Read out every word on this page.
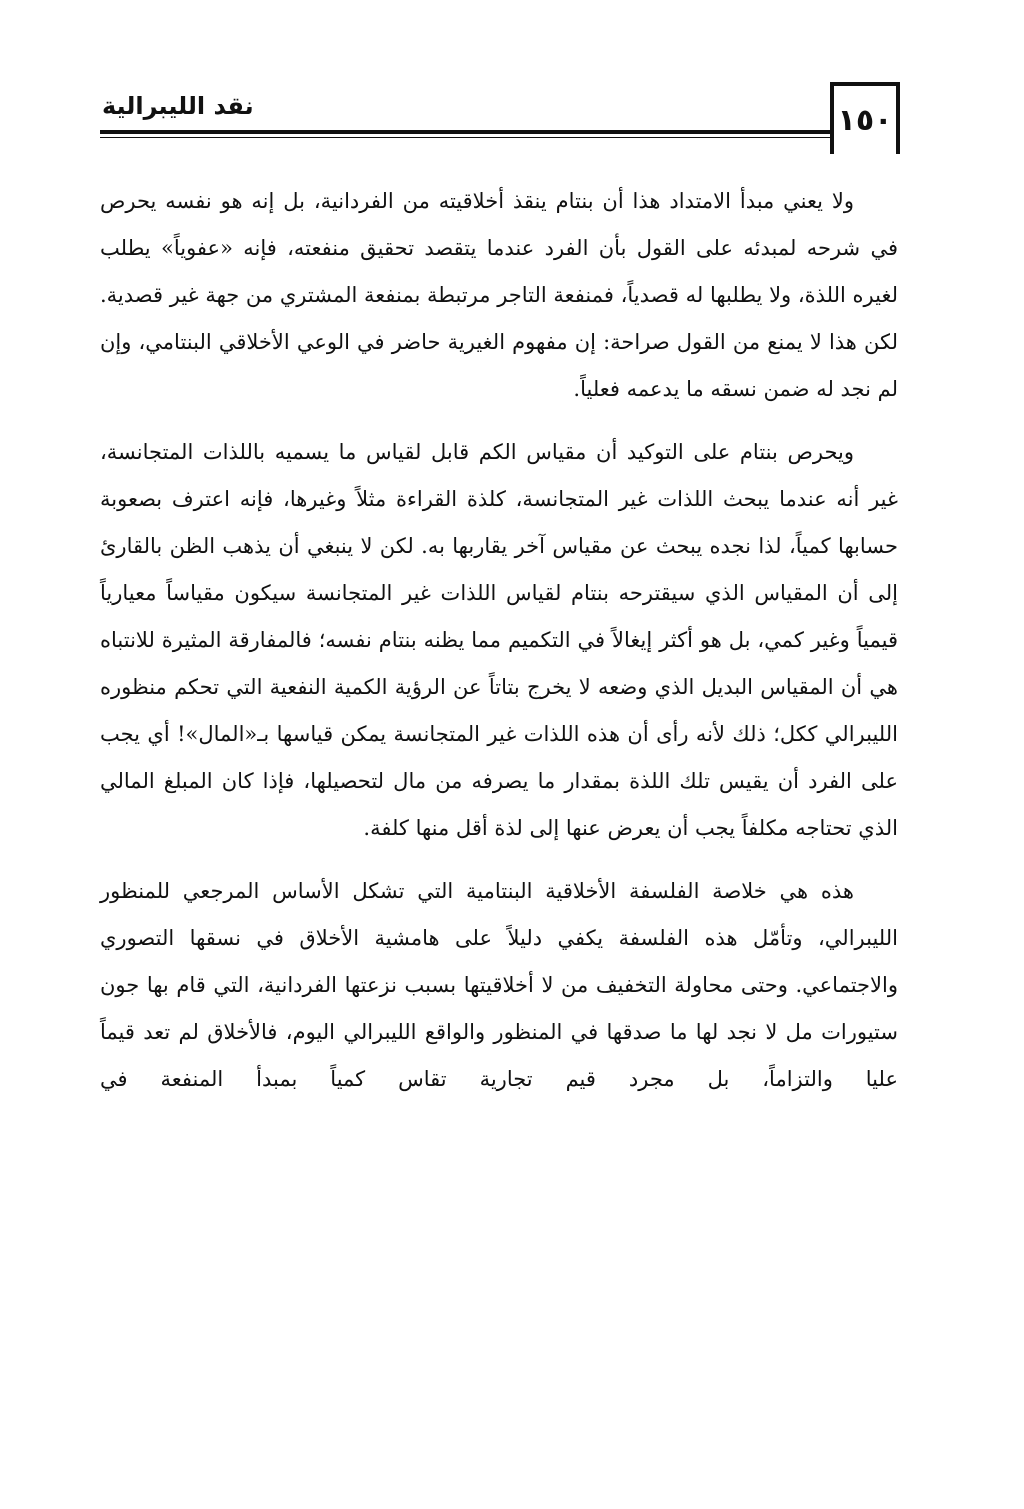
١٥٠
نقد الليبرالية

ولا يعني مبدأ الامتداد هذا أن بنتام ينقذ أخلاقيته من الفردانية، بل إنه هو نفسه يحرص في شرحه لمبدئه على القول بأن الفرد عندما يتقصد تحقيق منفعته، فإنه «عفوياً» يطلب لغيره اللذة، ولا يطلبها له قصدياً، فمنفعة التاجر مرتبطة بمنفعة المشتري من جهة غير قصدية. لكن هذا لا يمنع من القول صراحة: إن مفهوم الغيرية حاضر في الوعي الأخلاقي البنتامي، وإن لم نجد له ضمن نسقه ما يدعمه فعلياً.

ويحرص بنتام على التوكيد أن مقياس الكم قابل لقياس ما يسميه باللذات المتجانسة، غير أنه عندما يبحث اللذات غير المتجانسة، كلذة القراءة مثلاً وغيرها، فإنه اعترف بصعوبة حسابها كمياً، لذا نجده يبحث عن مقياس آخر يقاربها به. لكن لا ينبغي أن يذهب الظن بالقارئ إلى أن المقياس الذي سيقترحه بنتام لقياس اللذات غير المتجانسة سيكون مقياساً معيارياً قيمياً وغير كمي، بل هو أكثر إيغالاً في التكميم مما يظنه بنتام نفسه؛ فالمفارقة المثيرة للانتباه هي أن المقياس البديل الذي وضعه لا يخرج بتاتاً عن الرؤية الكمية النفعية التي تحكم منظوره الليبرالي ككل؛ ذلك لأنه رأى أن هذه اللذات غير المتجانسة يمكن قياسها بـ«المال»! أي يجب على الفرد أن يقيس تلك اللذة بمقدار ما يصرفه من مال لتحصيلها، فإذا كان المبلغ المالي الذي تحتاجه مكلفاً يجب أن يعرض عنها إلى لذة أقل منها كلفة.

هذه هي خلاصة الفلسفة الأخلاقية البنتامية التي تشكل الأساس المرجعي للمنظور الليبرالي، وتأمّل هذه الفلسفة يكفي دليلاً على هامشية الأخلاق في نسقها التصوري والاجتماعي. وحتى محاولة التخفيف من لا أخلاقيتها بسبب نزعتها الفردانية، التي قام بها جون ستيورات مل لا نجد لها ما صدقها في المنظور والواقع الليبرالي اليوم، فالأخلاق لم تعد قيماً عليا والتزاماً، بل مجرد قيم تجارية تقاس كمياً بمبدأ المنفعة في
